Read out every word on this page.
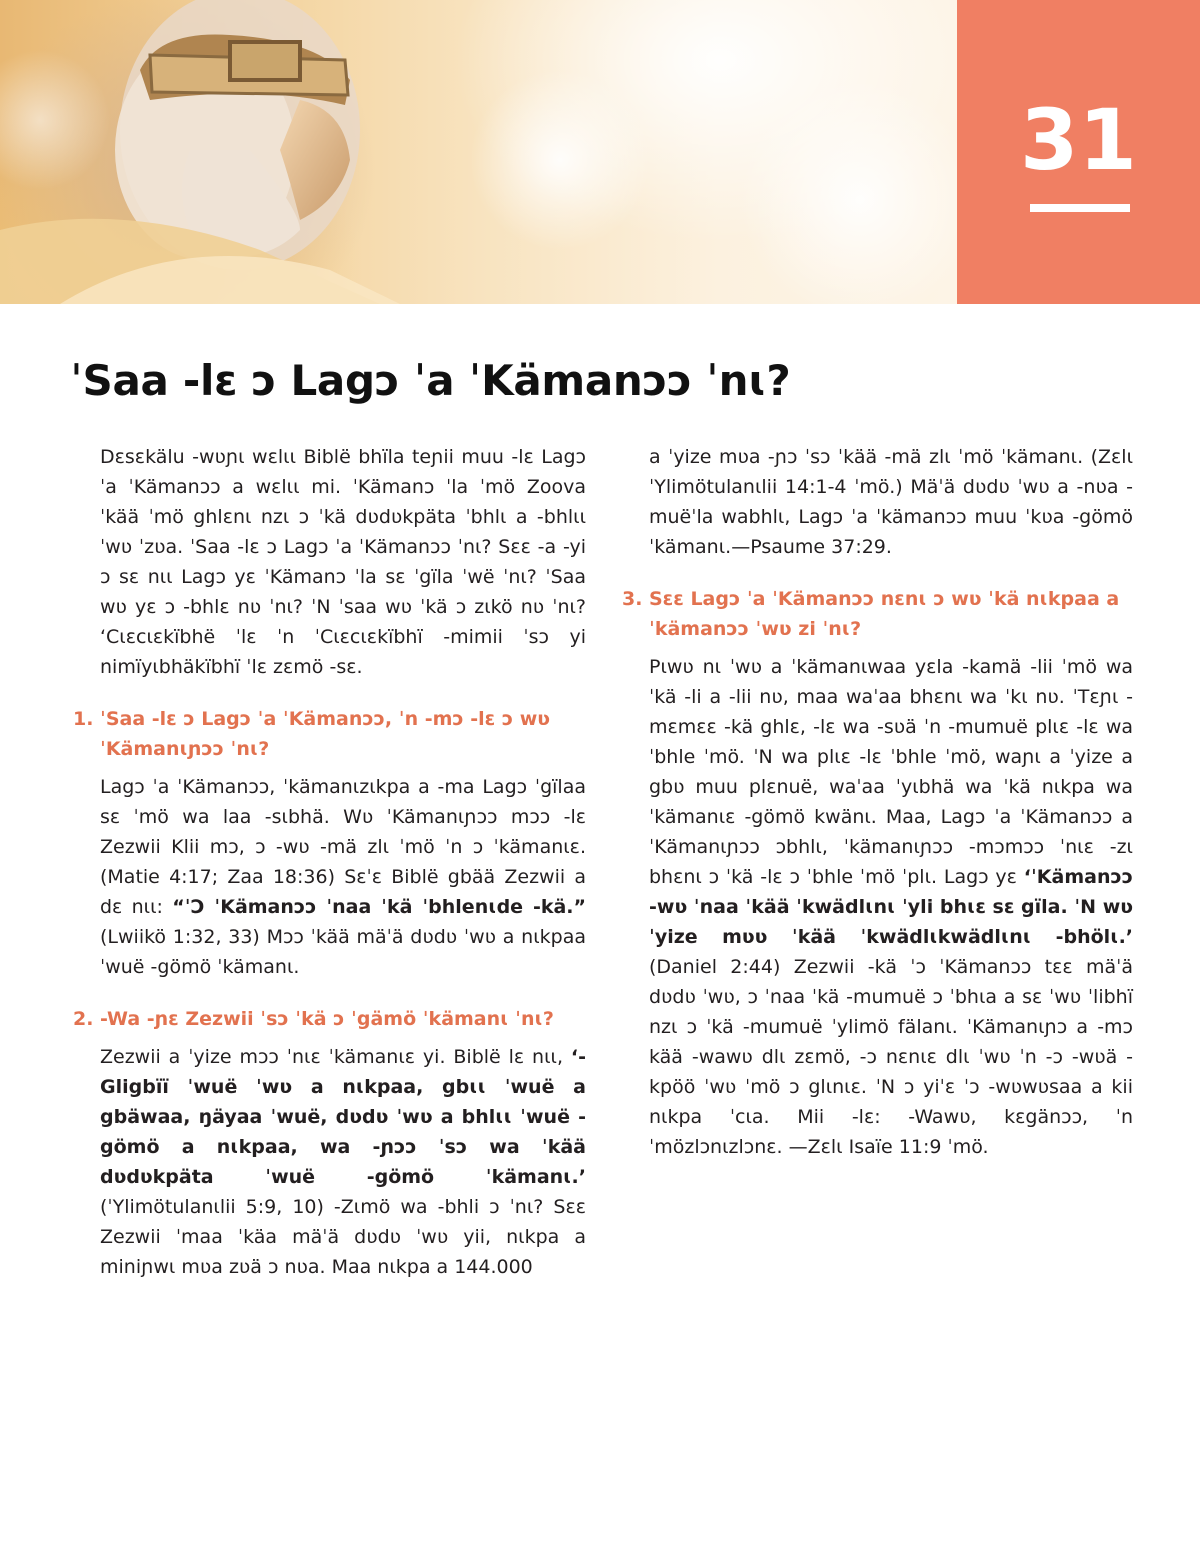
31
ˈSaa -lɛ ɔ Lagɔ ˈa ˈKämanɔɔ ˈnɩ?

Dɛsɛkälu -wʋɲɩ wɛlɩɩ Biblë bhïla teɲii muu -lɛ Lagɔ ˈa ˈKämanɔɔ a wɛlɩɩ mi. ˈKämanɔ ˈla ˈmö Zoova ˈkää ˈmö ghlɛnɩ nzɩ ɔ ˈkä dʋdʋkpäta ˈbhlɩ a -bhlɩɩ ˈwʋ ˈzʋa. ˈSaa -lɛ ɔ Lagɔ ˈa ˈKämanɔɔ ˈnɩ? Sɛɛ -a -yi ɔ sɛ nɩɩ Lagɔ yɛ ˈKämanɔ ˈla sɛ ˈgïla ˈwë ˈnɩ? ˈSaa wʋ yɛ ɔ -bhlɛ nʋ ˈnɩ? ˈN ˈsaa wʋ ˈkä ɔ zɩkö nʋ ˈnɩ? ‘Cɩɛcɩɛkïbhë ˈlɛ ˈn ˈCɩɛcɩɛkïbhï -mimii ˈsɔ yi nimïyɩbhäkïbhï ˈlɛ zɛmö -sɛ.

1. ˈSaa -lɛ ɔ Lagɔ ˈa ˈKämanɔɔ, ˈn -mɔ -lɛ ɔ wʋ ˈKämanɩɲɔɔ ˈnɩ?

Lagɔ ˈa ˈKämanɔɔ, ˈkämanɩzɩkpa a -ma Lagɔ ˈgïlaa sɛ ˈmö wa laa -sɩbhä. Wʋ ˈKämanɩɲɔɔ mɔɔ -lɛ Zezwii Klii mɔ, ɔ -wʋ -mä zlɩ ˈmö ˈn ɔ ˈkämanɩɛ. (Matie 4:17; Zaa 18:36) Sɛˈɛ Biblë gbää Zezwii a dɛ nɩɩ: “ˈƆ ˈKämanɔɔ ˈnaa ˈkä ˈbhlenɩde -kä.” (Lwiikö 1:32, 33) Mɔɔ ˈkää mäˈä dʋdʋ ˈwʋ a nɩkpaa ˈwuë -gömö ˈkämanɩ.

2. -Wa -ɲɛ Zezwii ˈsɔ ˈkä ɔ ˈgämö ˈkämanɩ ˈnɩ?

Zezwii a ˈyize mɔɔ ˈnɩɛ ˈkämanɩɛ yi. Biblë lɛ nɩɩ, ‘-Gligbïï ˈwuë ˈwʋ a nɩkpaa, gbɩɩ ˈwuë a gbäwaa, ŋäyaa ˈwuë, dʋdʋ ˈwʋ a bhlɩɩ ˈwuë -gömö a nɩkpaa, wa -ɲɔɔ ˈsɔ wa ˈkää dʋdʋkpäta ˈwuë -gömö ˈkämanɩ.’ (ˈYlimötulanɩlii 5:9, 10) -Zɩmö wa -bhli ɔ ˈnɩ? Sɛɛ Zezwii ˈmaa ˈkäa mäˈä dʋdʋ ˈwʋ yii, nɩkpa a miniɲwɩ mʋa zʋä ɔ nʋa. Maa nɩkpa a 144.000

a ˈyize mʋa -ɲɔ ˈsɔ ˈkää -mä zlɩ ˈmö ˈkämanɩ. (Zɛlɩ ˈYlimötulanɩlii 14:1-4 ˈmö.) Mäˈä dʋdʋ ˈwʋ a -nʋa -muëˈla wabhlɩ, Lagɔ ˈa ˈkämanɔɔ muu ˈkʋa -gömö ˈkämanɩ.—Psaume 37:29.

3. Sɛɛ Lagɔ ˈa ˈKämanɔɔ nɛnɩ ɔ wʋ ˈkä nɩkpaa a ˈkämanɔɔ ˈwʋ zi ˈnɩ?

Pɩwʋ nɩ ˈwʋ a ˈkämanɩwaa yɛla -kamä -lii ˈmö wa ˈkä -li a -lii nʋ, maa waˈaa bhɛnɩ wa ˈkɩ nʋ. ˈTɛɲɩ -mɛmɛɛ -kä ghlɛ, -lɛ wa -sʋä ˈn -mumuë plɩɛ -lɛ wa ˈbhle ˈmö. ˈN wa plɩɛ -lɛ ˈbhle ˈmö, waɲɩ a ˈyize a gbʋ muu plɛnuë, waˈaa ˈyɩbhä wa ˈkä nɩkpa wa ˈkämanɩɛ -gömö kwänɩ. Maa, Lagɔ ˈa ˈKämanɔɔ a ˈKämanɩɲɔɔ ɔbhlɩ, ˈkämanɩɲɔɔ -mɔmɔɔ ˈnɩɛ -zɩ bhɛnɩ ɔ ˈkä -lɛ ɔ ˈbhle ˈmö ˈplɩ. Lagɔ yɛ ‘ˈKämanɔɔ -wʋ ˈnaa ˈkää ˈkwädlɩnɩ ˈyli bhɩɛ sɛ gïla. ˈN wʋ ˈyize mʋʋ ˈkää ˈkwädlɩkwädlɩnɩ -bhölɩ.’ (Daniel 2:44) Zezwii -kä ˈɔ ˈKämanɔɔ tɛɛ mäˈä dʋdʋ ˈwʋ, ɔ ˈnaa ˈkä -mumuë ɔ ˈbhɩa a sɛ ˈwʋ ˈlibhï nzɩ ɔ ˈkä -mumuë ˈylimö fälanɩ. ˈKämanɩɲɔ a -mɔ kää -wawʋ dlɩ zɛmö, -ɔ nɛnɩɛ dlɩ ˈwʋ ˈn -ɔ -wʋä -kpöö ˈwʋ ˈmö ɔ glɩnɩɛ. ˈN ɔ yiˈɛ ˈɔ -wʋwʋsaa a kii nɩkpa ˈcɩa. Mii -lɛ: -Wawʋ, kɛgänɔɔ, ˈn ˈmözlɔnɩzlɔnɛ. —Zɛlɩ Isaïe 11:9 ˈmö.
